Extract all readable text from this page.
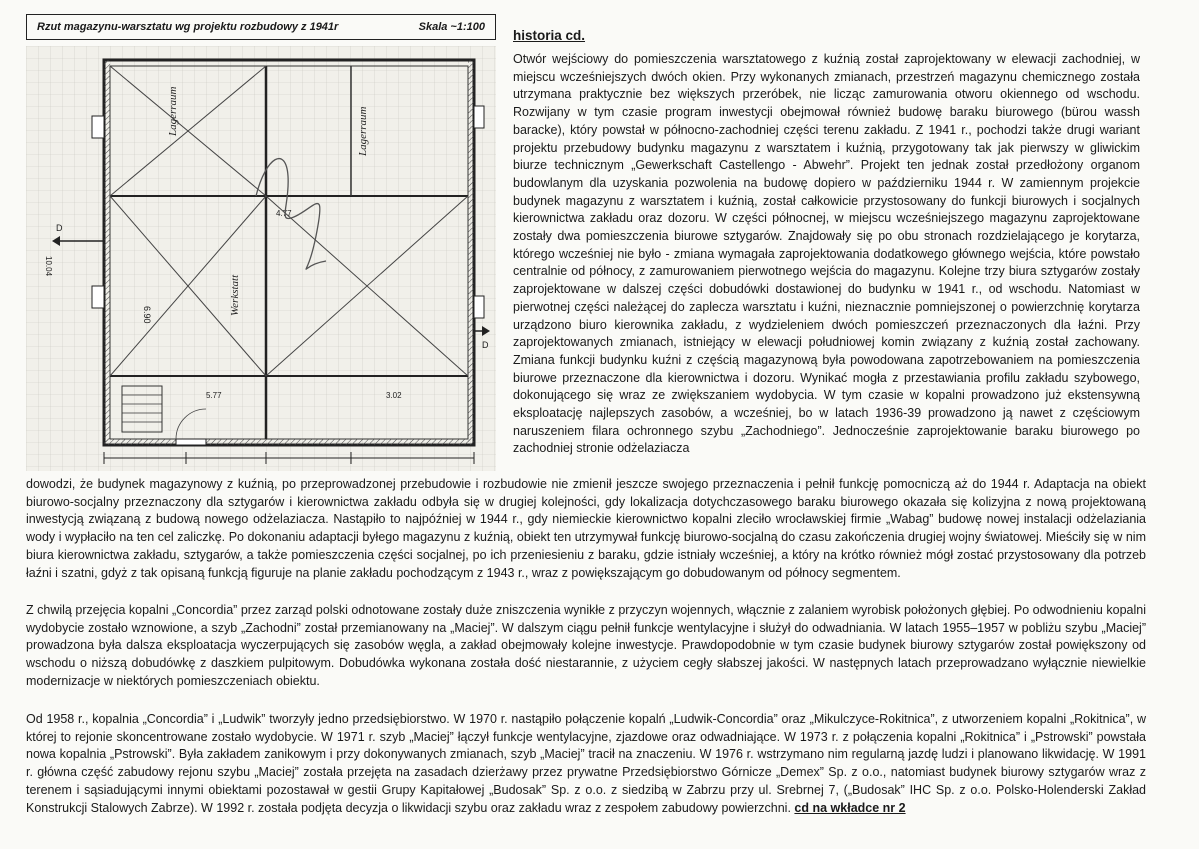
Rzut magazynu-warsztatu wg projektu rozbudowy z 1941r	Skala ~1:100
D
D
Lagerraum
Werkstatt
Lagerraum
4.77
5.77
6.90
3.02
10.04
historia cd.

Otwór wejściowy do pomieszczenia warsztatowego z kuźnią został zaprojektowany w elewacji zachodniej, w miejscu wcześniejszych dwóch okien. Przy wykonanych zmianach, przestrzeń magazynu chemicznego została utrzymana praktycznie bez większych przeróbek, nie licząc zamurowania otworu okiennego od wschodu. Rozwijany w tym czasie program inwestycji obejmował również budowę baraku biurowego (bürou wassh baracke), który powstał w północno-zachodniej części terenu zakładu. Z 1941 r., pochodzi także drugi wariant projektu przebudowy budynku magazynu z warsztatem i kuźnią, przygotowany tak jak pierwszy w gliwickim biurze technicznym „Gewerkschaft Castellengo - Abwehr”. Projekt ten jednak został przedłożony organom budowlanym dla uzyskania pozwolenia na budowę dopiero w październiku 1944 r. W zamiennym projekcie budynek magazynu z warsztatem i kuźnią, został całkowicie przystosowany do funkcji biurowych i socjalnych kierownictwa zakładu oraz dozoru. W części północnej, w miejscu wcześniejszego magazynu zaprojektowane zostały dwa pomieszczenia biurowe sztygarów. Znajdowały się po obu stronach rozdzielającego je korytarza, którego wcześniej nie było - zmiana wymagała zaprojektowania dodatkowego głównego wejścia, które powstało centralnie od północy, z zamurowaniem pierwotnego wejścia do magazynu. Kolejne trzy biura sztygarów zostały zaprojektowane w dalszej części dobudówki dostawionej do budynku w 1941 r., od wschodu. Natomiast w pierwotnej części należącej do zaplecza warsztatu i kuźni, nieznacznie pomniejszonej o powierzchnię korytarza urządzono biuro kierownika zakładu, z wydzieleniem dwóch pomieszczeń przeznaczonych dla łaźni. Przy zaprojektowanych zmianach, istniejący w elewacji południowej komin związany z kuźnią został zachowany. Zmiana funkcji budynku kuźni z częścią magazynową była powodowana zapotrzebowaniem na pomieszczenia biurowe przeznaczone dla kierownictwa i dozoru. Wynikać mogła z przestawiania profilu zakładu szybowego, dokonującego się wraz ze zwiększaniem wydobycia. W tym czasie w kopalni prowadzono już ekstensywną eksploatację najlepszych zasobów, a wcześniej, bo w latach 1936-39 prowadzono ją nawet z częściowym naruszeniem filara ochronnego szybu „Zachodniego”. Jednocześnie zaprojektowanie baraku biurowego po zachodniej stronie odżelaziacza

dowodzi, że budynek magazynowy z kuźnią, po przeprowadzonej przebudowie i rozbudowie nie zmienił jeszcze swojego przeznaczenia i pełnił funkcję pomocniczą aż do 1944 r. Adaptacja na obiekt biurowo-socjalny przeznaczony dla sztygarów i kierownictwa zakładu odbyła się w drugiej kolejności, gdy lokalizacja dotychczasowego baraku biurowego okazała się kolizyjna z nową projektowaną inwestycją związaną z budową nowego odżelaziacza. Nastąpiło to najpóźniej w 1944 r., gdy niemieckie kierownictwo kopalni zleciło wrocławskiej firmie „Wabag” budowę nowej instalacji odżelaziania wody i wypłaciło na ten cel zaliczkę. Po dokonaniu adaptacji byłego magazynu z kuźnią, obiekt ten utrzymywał funkcję biurowo-socjalną do czasu zakończenia drugiej wojny światowej. Mieściły się w nim biura kierownictwa zakładu, sztygarów, a także pomieszczenia części socjalnej, po ich przeniesieniu z baraku, gdzie istniały wcześniej, a który na krótko również mógł zostać przystosowany dla potrzeb łaźni i szatni, gdyż z tak opisaną funkcją figuruje na planie zakładu pochodzącym z 1943 r., wraz z powiększającym go dobudowanym od północy segmentem.

Z chwilą przejęcia kopalni „Concordia” przez zarząd polski odnotowane zostały duże zniszczenia wynikłe z przyczyn wojennych, włącznie z zalaniem wyrobisk położonych głębiej. Po odwodnieniu kopalni wydobycie zostało wznowione, a szyb „Zachodni” został przemianowany na „Maciej”. W dalszym ciągu pełnił funkcje wentylacyjne i służył do odwadniania. W latach 1955–1957 w pobliżu szybu „Maciej” prowadzona była dalsza eksploatacja wyczerpujących się zasobów węgla, a zakład obejmowały kolejne inwestycje. Prawdopodobnie w tym czasie budynek biurowy sztygarów został powiększony od wschodu o niższą dobudówkę z daszkiem pulpitowym. Dobudówka wykonana została dość niestarannie, z użyciem cegły słabszej jakości. W następnych latach przeprowadzano wyłącznie niewielkie modernizacje w niektórych pomieszczeniach obiektu.

Od 1958 r., kopalnia „Concordia” i „Ludwik” tworzyły jedno przedsiębiorstwo. W 1970 r. nastąpiło połączenie kopalń „Ludwik-Concordia” oraz „Mikulczyce-Rokitnica”, z utworzeniem kopalni „Rokitnica”, w której to rejonie skoncentrowane zostało wydobycie. W 1971 r. szyb „Maciej” łączył funkcje wentylacyjne, zjazdowe oraz odwadniające. W 1973 r. z połączenia kopalni „Rokitnica” i „Pstrowski” powstała nowa kopalnia „Pstrowski”. Była zakładem zanikowym i przy dokonywanych zmianach, szyb „Maciej” tracił na znaczeniu. W 1976 r. wstrzymano nim regularną jazdę ludzi i planowano likwidację. W 1991 r. główna część zabudowy rejonu szybu „Maciej” została przejęta na zasadach dzierżawy przez prywatne Przedsiębiorstwo Górnicze „Demex” Sp. z o.o., natomiast budynek biurowy sztygarów wraz z terenem i sąsiadującymi innymi obiektami pozostawał w gestii Grupy Kapitałowej „Budosak” Sp. z o.o. z siedzibą w Zabrzu przy ul. Srebrnej 7, („Budosak” IHC Sp. z o.o. Polsko-Holenderski Zakład Konstrukcji Stalowych Zabrze). W 1992 r. została podjęta decyzja o likwidacji szybu oraz zakładu wraz z zespołem zabudowy powierzchni. cd na wkładce nr 2
